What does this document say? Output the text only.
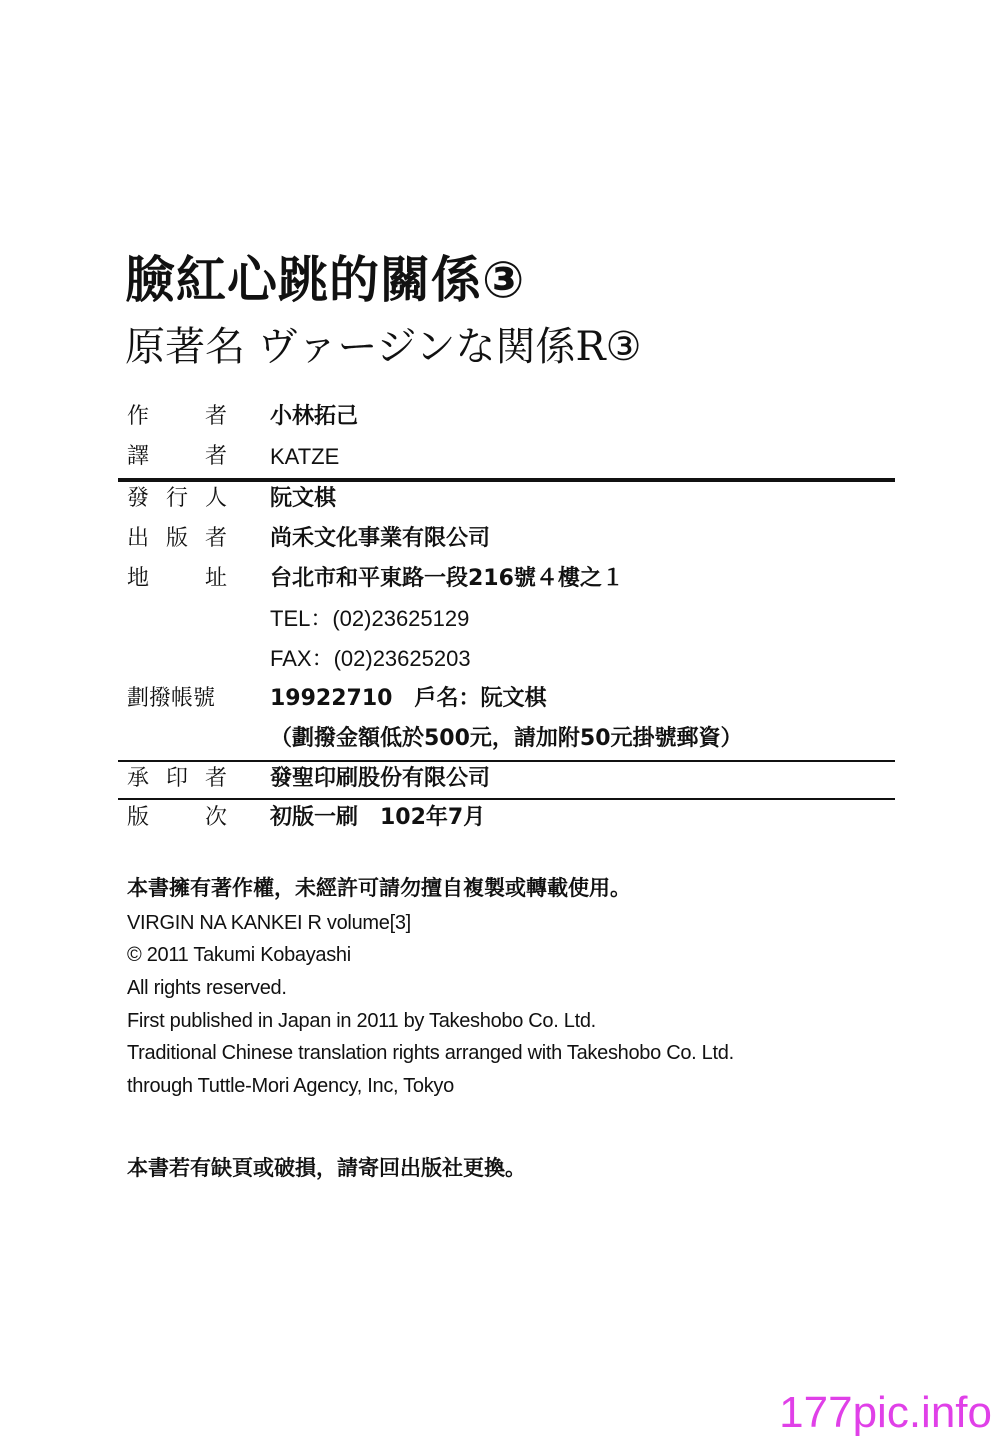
臉紅心跳的關係③
原著名 ヴァージンな関係R③
作	者 小林拓己
譯	者 KATZE
發 行 人 阮文棋
出 版 者 尚禾文化事業有限公司
地	址 台北市和平東路一段216號４樓之１
TEL：(02)23625129
FAX：(02)23625203
劃撥帳號 19922710　戶名：阮文棋
（劃撥金額低於500元，請加附50元掛號郵資）
承 印 者 發聖印刷股份有限公司
版	次 初版一刷　102年7月
本書擁有著作權，未經許可請勿擅自複製或轉載使用。
VIRGIN NA KANKEI R volume[3]
© 2011 Takumi Kobayashi
All rights reserved.
First published in Japan in 2011 by Takeshobo Co. Ltd.
Traditional Chinese translation rights arranged with Takeshobo Co. Ltd.
through Tuttle-Mori Agency, Inc, Tokyo
本書若有缺頁或破損，請寄回出版社更換。
177pic.info
